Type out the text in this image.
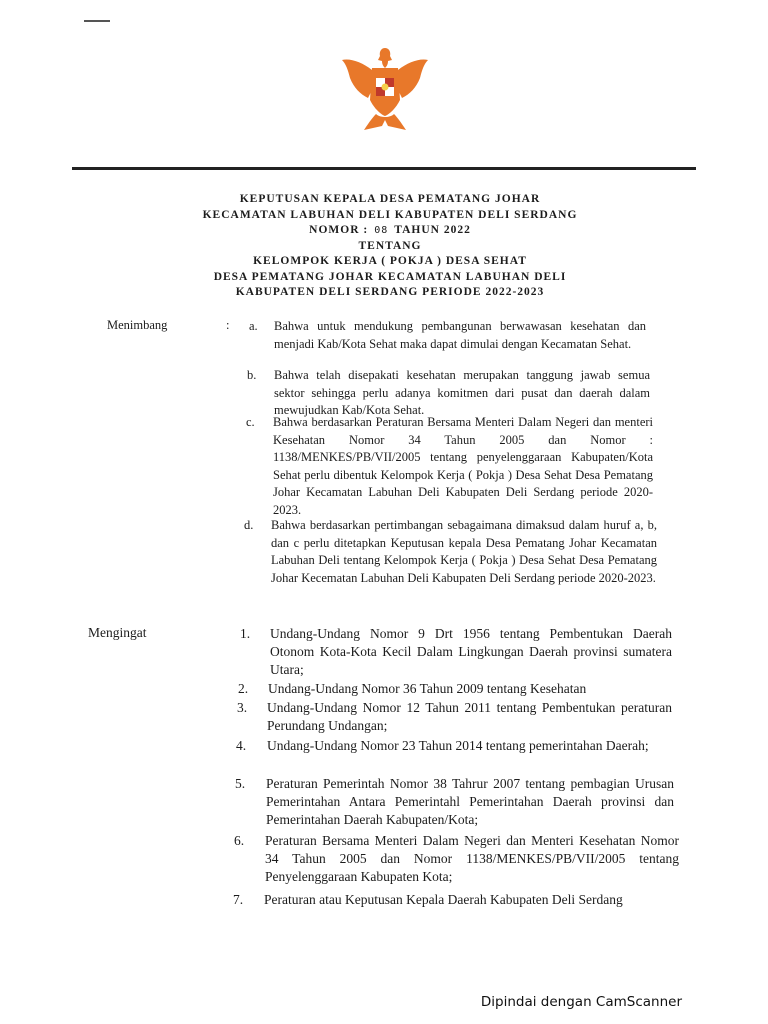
KEPUTUSAN KEPALA DESA PEMATANG JOHAR
KECAMATAN LABUHAN DELI KABUPATEN DELI SERDANG
NOMOR : 08 TAHUN 2022
TENTANG
KELOMPOK KERJA ( POKJA ) DESA SEHAT
DESA PEMATANG JOHAR KECAMATAN LABUHAN DELI
KABUPATEN DELI SERDANG PERIODE 2022-2023
Menimbang	: a. Bahwa untuk mendukung pembangunan berwawasan kesehatan dan menjadi Kab/Kota Sehat maka dapat dimulai dengan Kecamatan Sehat.
b. Bahwa telah disepakati kesehatan merupakan tanggung jawab semua sektor sehingga perlu adanya komitmen dari pusat dan daerah dalam mewujudkan Kab/Kota Sehat.
c. Bahwa berdasarkan Peraturan Bersama Menteri Dalam Negeri dan menteri Kesehatan Nomor 34 Tahun 2005 dan Nomor : 1138/MENKES/PB/VII/2005 tentang penyelenggaraan Kabupaten/Kota Sehat perlu dibentuk Kelompok Kerja ( Pokja ) Desa Sehat Desa Pematang Johar Kecamatan Labuhan Deli Kabupaten Deli Serdang periode 2020-2023.
d. Bahwa berdasarkan pertimbangan sebagaimana dimaksud dalam huruf a, b, dan c perlu ditetapkan Keputusan kepala Desa Pematang Johar Kecamatan Labuhan Deli tentang Kelompok Kerja ( Pokja ) Desa Sehat Desa Pematang Johar Kecematan Labuhan Deli Kabupaten Deli Serdang periode 2020-2023.
Mengingat	1. Undang-Undang Nomor 9 Drt 1956 tentang Pembentukan Daerah Otonom Kota-Kota Kecil Dalam Lingkungan Daerah provinsi sumatera Utara;
2. Undang-Undang Nomor 36 Tahun 2009 tentang Kesehatan
3. Undang-Undang Nomor 12 Tahun 2011 tentang Pembentukan peraturan Perundang Undangan;
4. Undang-Undang Nomor 23 Tahun 2014 tentang pemerintahan Daerah;
5. Peraturan Pemerintah Nomor 38 Tahrur 2007 tentang pembagian Urusan Pemerintahan Antara Pemerintahl Pemerintahan Daerah provinsi dan Pemerintahan Daerah Kabupaten/Kota;
6. Peraturan Bersama Menteri Dalam Negeri dan Menteri Kesehatan Nomor 34 Tahun 2005 dan Nomor 1138/MENKES/PB/VII/2005 tentang Penyelenggaraan Kabupaten Kota;
7. Peraturan atau Keputusan Kepala Daerah Kabupaten Deli Serdang
Dipindai dengan CamScanner
